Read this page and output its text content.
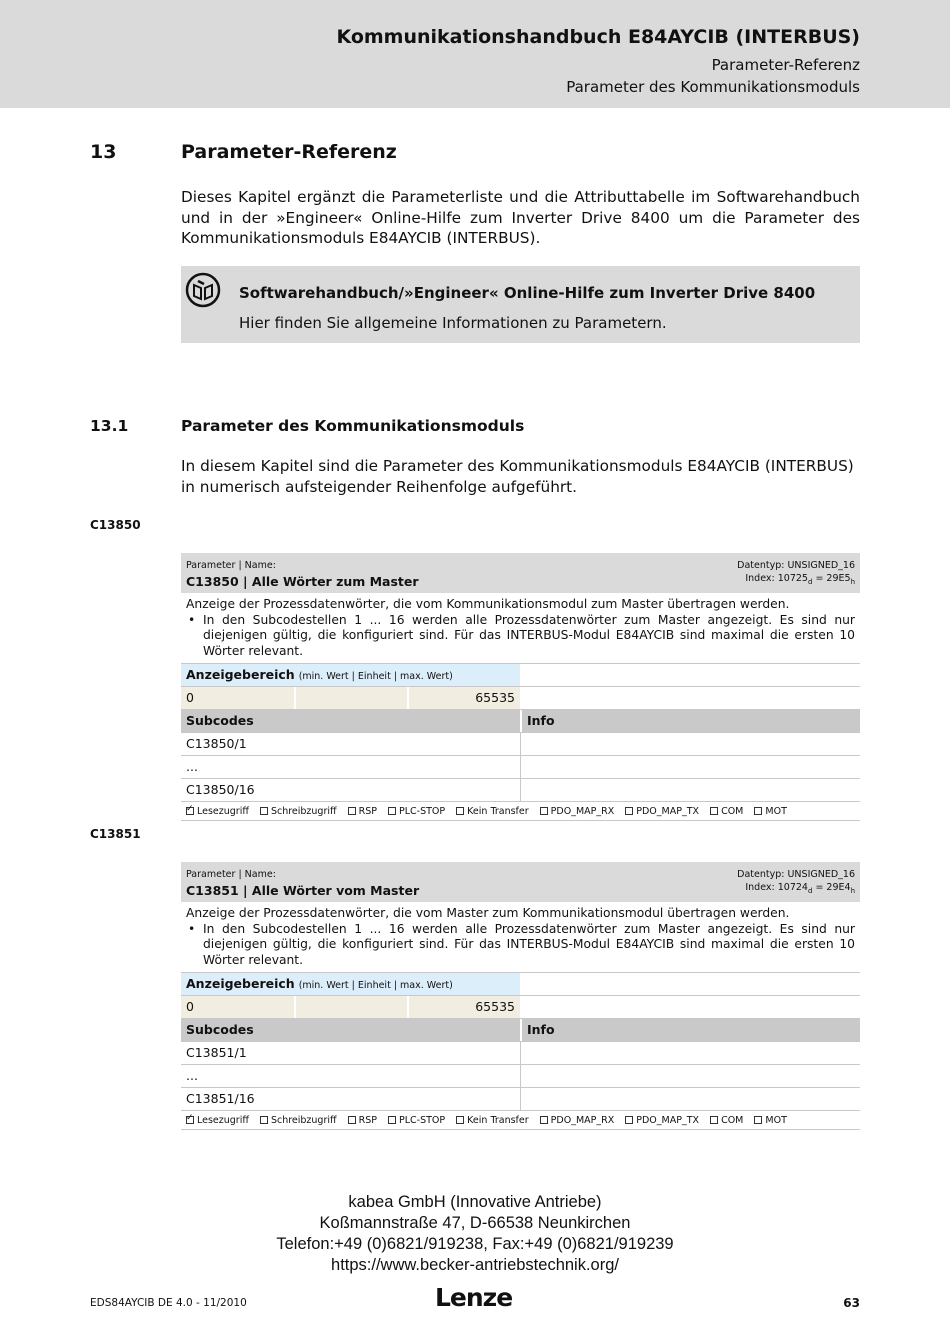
Kommunikationshandbuch E84AYCIB (INTERBUS)
Parameter-Referenz
Parameter des Kommunikationsmoduls
13	Parameter-Referenz
Dieses Kapitel ergänzt die Parameterliste und die Attributtabelle im Softwarehandbuch und in der »Engineer« Online-Hilfe zum Inverter Drive 8400 um die Parameter des Kommunikationsmoduls E84AYCIB (INTERBUS).
Softwarehandbuch/»Engineer« Online-Hilfe zum Inverter Drive 8400
Hier finden Sie allgemeine Informationen zu Parametern.
13.1	Parameter des Kommunikationsmoduls
In diesem Kapitel sind die Parameter des Kommunikationsmoduls E84AYCIB (INTERBUS) in numerisch aufsteigender Reihenfolge aufgeführt.
C13850
Parameter | Name:
C13850 | Alle Wörter zum Master
Datentyp: UNSIGNED_16
Index: $10725_d = 29E5_h$
Anzeige der Prozessdatenwörter, die vom Kommunikationsmodul zum Master übertragen werden.
• In den Subcodestellen 1 ... 16 werden alle Prozessdatenwörter zum Master angezeigt. Es sind nur diejenigen gültig, die konfiguriert sind. Für das INTERBUS-Modul E84AYCIB sind maximal die ersten 10 Wörter relevant.
Anzeigebereich (min. Wert | Einheit | max. Wert)
0	65535
Subcodes	Info
C13850/1
...
C13850/16
✓Lesezugriff Schreibzugriff RSP PLC-STOP Kein Transfer PDO_MAP_RX PDO_MAP_TX COM MOT
C13851
Parameter | Name:
C13851 | Alle Wörter vom Master
Datentyp: UNSIGNED_16
Index: $10724_d = 29E4_h$
Anzeige der Prozessdatenwörter, die vom Master zum Kommunikationsmodul übertragen werden.
• In den Subcodestellen 1 ... 16 werden alle Prozessdatenwörter zum Master angezeigt. Es sind nur diejenigen gültig, die konfiguriert sind. Für das INTERBUS-Modul E84AYCIB sind maximal die ersten 10 Wörter relevant.
Anzeigebereich (min. Wert | Einheit | max. Wert)
0	65535
Subcodes	Info
C13851/1
...
C13851/16
✓Lesezugriff Schreibzugriff RSP PLC-STOP Kein Transfer PDO_MAP_RX PDO_MAP_TX COM MOT
kabea GmbH (Innovative Antriebe)
Koßmannstraße 47, D-66538 Neunkirchen
Telefon:+49 (0)6821/919238, Fax:+49 (0)6821/919239
https://www.becker-antriebstechnik.org/
EDS84AYCIB DE 4.0 - 11/2010	Lenze	63
